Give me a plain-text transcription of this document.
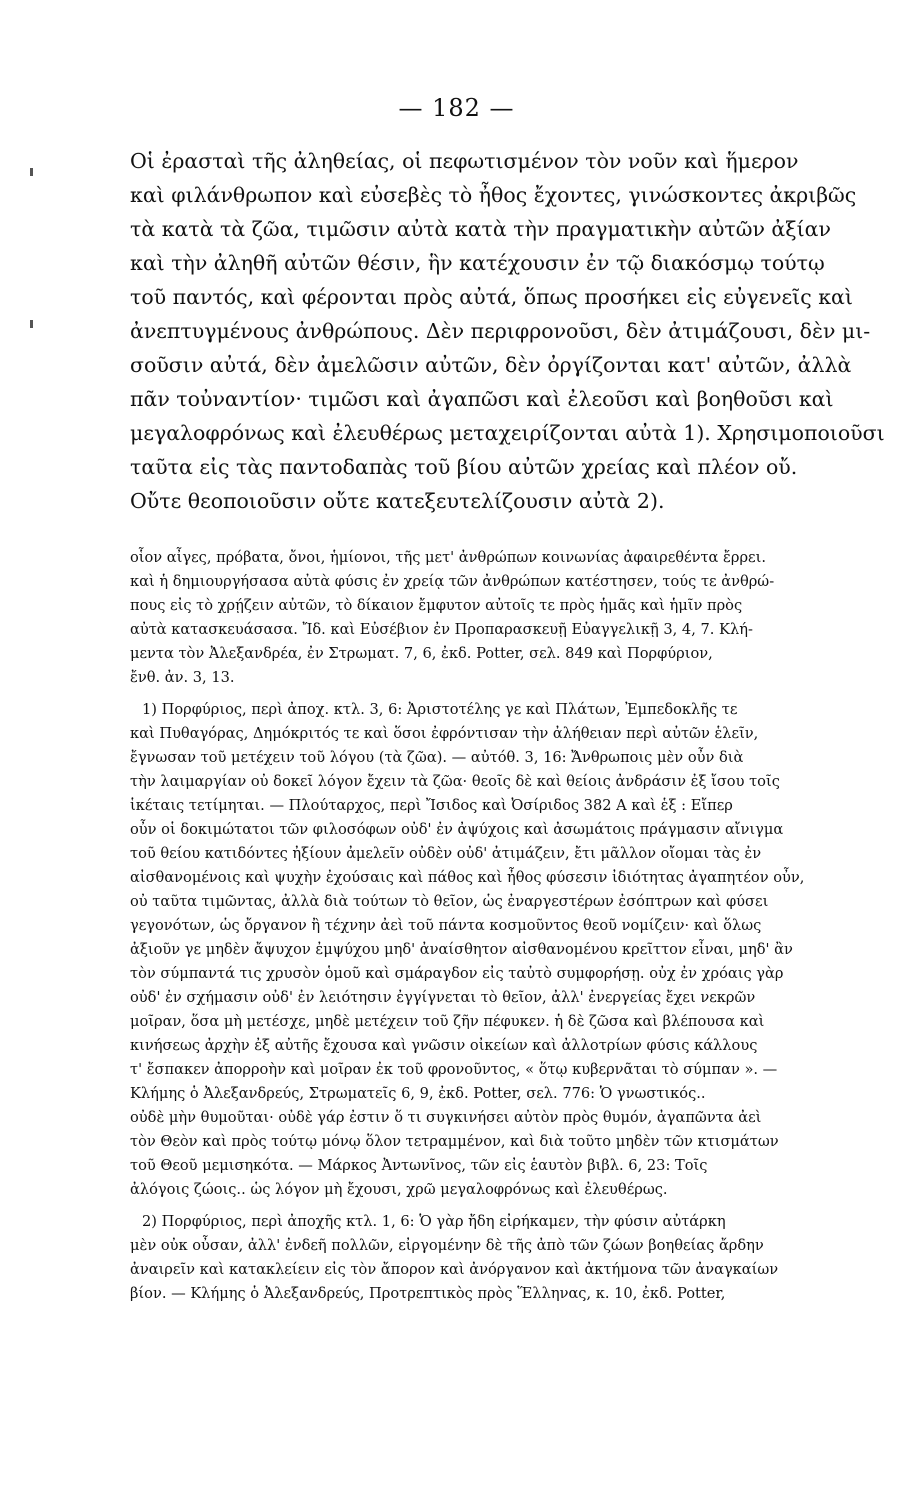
— 182 —
Οἱ ἐρασταὶ τῆς ἀληθείας, οἱ πεφωτισμένον τὸν νοῦν καὶ ἥμερον
καὶ φιλάνθρωπον καὶ εὐσεβὲς τὸ ἦθος ἔχοντες, γινώσκοντες ἀκριβῶς
τὰ κατὰ τὰ ζῶα, τιμῶσιν αὐτὰ κατὰ τὴν πραγματικὴν αὐτῶν ἀξίαν
καὶ τὴν ἀληθῆ αὐτῶν θέσιν, ἣν κατέχουσιν ἐν τῷ διακόσμῳ τούτῳ
τοῦ παντός, καὶ φέρονται πρὸς αὐτά, ὅπως προσήκει εἰς εὐγενεῖς καὶ
ἀνεπτυγμένους ἀνθρώπους. Δὲν περιφρονοῦσι, δὲν ἀτιμάζουσι, δὲν μι-
σοῦσιν αὐτά, δὲν ἀμελῶσιν αὐτῶν, δὲν ὀργίζονται κατ' αὐτῶν, ἀλλὰ
πᾶν τοὐναντίον· τιμῶσι καὶ ἀγαπῶσι καὶ ἐλεοῦσι καὶ βοηθοῦσι καὶ
μεγαλοφρόνως καὶ ἐλευθέρως μεταχειρίζονται αὐτὰ 1). Χρησιμοποιοῦσι
ταῦτα εἰς τὰς παντοδαπὰς τοῦ βίου αὐτῶν χρείας καὶ πλέον οὔ.
Οὔτε θεοποιοῦσιν οὔτε κατεξευτελίζουσιν αὐτὰ 2).
οἷον αἶγες, πρόβατα, ὄνοι, ἡμίονοι, τῆς μετ' ἀνθρώπων κοινωνίας ἀφαιρεθέντα ἔρρει.
καὶ ἡ δημιουργήσασα αὐτὰ φύσις ἐν χρείᾳ τῶν ἀνθρώπων κατέστησεν, τούς τε ἀνθρώ-
πους εἰς τὸ χρῄζειν αὐτῶν, τὸ δίκαιον ἔμφυτον αὐτοῖς τε πρὸς ἡμᾶς καὶ ἡμῖν πρὸς
αὐτὰ κατασκευάσασα. Ἴδ. καὶ Εὐσέβιον ἐν Προπαρασκευῇ Εὐαγγελικῇ 3, 4, 7. Κλή-
μεντα τὸν Ἀλεξανδρέα, ἐν Στρωματ. 7, 6, ἐκδ. Potter, σελ. 849 καὶ Πορφύριον,
ἔνθ. ἀν. 3, 13.
1) Πορφύριος, περὶ ἀποχ. κτλ. 3, 6: Ἀριστοτέλης γε καὶ Πλάτων, Ἐμπεδοκλῆς τε
καὶ Πυθαγόρας, Δημόκριτός τε καὶ ὅσοι ἐφρόντισαν τὴν ἀλήθειαν περὶ αὐτῶν ἑλεῖν,
ἔγνωσαν τοῦ μετέχειν τοῦ λόγου (τὰ ζῶα). — αὐτόθ. 3, 16: Ἄνθρωποις μὲν οὖν διὰ
τὴν λαιμαργίαν οὐ δοκεῖ λόγον ἔχειν τὰ ζῶα· θεοῖς δὲ καὶ θείοις ἀνδράσιν ἐξ ἴσου τοῖς
ἱκέταις τετίμηται. — Πλούταρχος, περὶ Ἴσιδος καὶ Ὀσίριδος 382 Α καὶ ἑξ : Εἴπερ
οὖν οἱ δοκιμώτατοι τῶν φιλοσόφων οὐδ' ἐν ἀψύχοις καὶ ἀσωμάτοις πράγμασιν αἴνιγμα
τοῦ θείου κατιδόντες ἠξίουν ἀμελεῖν οὐδὲν οὐδ' ἀτιμάζειν, ἔτι μᾶλλον οἴομαι τὰς ἐν
αἰσθανομένοις καὶ ψυχὴν ἐχούσαις καὶ πάθος καὶ ἦθος φύσεσιν ἰδιότητας ἀγαπητέον οὖν,
οὐ ταῦτα τιμῶντας, ἀλλὰ διὰ τούτων τὸ θεῖον, ὡς ἐναργεστέρων ἐσόπτρων καὶ φύσει
γεγονότων, ὡς ὄργανον ἢ τέχνην ἀεὶ τοῦ πάντα κοσμοῦντος θεοῦ νομίζειν· καὶ ὅλως
ἀξιοῦν γε μηδὲν ἄψυχον ἐμψύχου μηδ' ἀναίσθητον αἰσθανομένου κρεῖττον εἶναι, μηδ' ἂν
τὸν σύμπαντά τις χρυσὸν ὁμοῦ καὶ σμάραγδον εἰς ταὐτὸ συμφορήσῃ. οὐχ ἐν χρόαις γὰρ
οὐδ' ἐν σχήμασιν οὐδ' ἐν λειότησιν ἐγγίγνεται τὸ θεῖον, ἀλλ' ἐνεργείας ἔχει νεκρῶν
μοῖραν, ὅσα μὴ μετέσχε, μηδὲ μετέχειν τοῦ ζῆν πέφυκεν. ἡ δὲ ζῶσα καὶ βλέπουσα καὶ
κινήσεως ἀρχὴν ἐξ αὐτῆς ἔχουσα καὶ γνῶσιν οἰκείων καὶ ἀλλοτρίων φύσις κάλλους
τ' ἔσπακεν ἀπορροὴν καὶ μοῖραν ἐκ τοῦ φρονοῦντος, « ὅτῳ κυβερνᾶται τὸ σύμπαν ». —
Κλήμης ὁ Ἀλεξανδρεύς, Στρωματεῖς 6, 9, ἐκδ. Potter, σελ. 776: Ὁ γνωστικός..
οὐδὲ μὴν θυμοῦται· οὐδὲ γάρ ἐστιν ὅ τι συγκινήσει αὐτὸν πρὸς θυμόν, ἀγαπῶντα ἀεὶ
τὸν Θεὸν καὶ πρὸς τούτῳ μόνῳ ὅλον τετραμμένον, καὶ διὰ τοῦτο μηδὲν τῶν κτισμάτων
τοῦ Θεοῦ μεμισηκότα. — Μάρκος Ἀντωνῖνος, τῶν εἰς ἑαυτὸν βιβλ. 6, 23: Τοῖς
ἀλόγοις ζώοις.. ὡς λόγον μὴ ἔχουσι, χρῶ μεγαλοφρόνως καὶ ἐλευθέρως.
2) Πορφύριος, περὶ ἀποχῆς κτλ. 1, 6: Ὁ γὰρ ἤδη εἰρήκαμεν, τὴν φύσιν αὐτάρκη
μὲν οὐκ οὖσαν, ἀλλ' ἐνδεῆ πολλῶν, εἰργομένην δὲ τῆς ἀπὸ τῶν ζώων βοηθείας ἄρδην
ἀναιρεῖν καὶ κατακλείειν εἰς τὸν ἄπορον καὶ ἀνόργανον καὶ ἀκτήμονα τῶν ἀναγκαίων
βίον. — Κλήμης ὁ Ἀλεξανδρεύς, Προτρεπτικὸς πρὸς Ἕλληνας, κ. 10, ἐκδ. Potter,
